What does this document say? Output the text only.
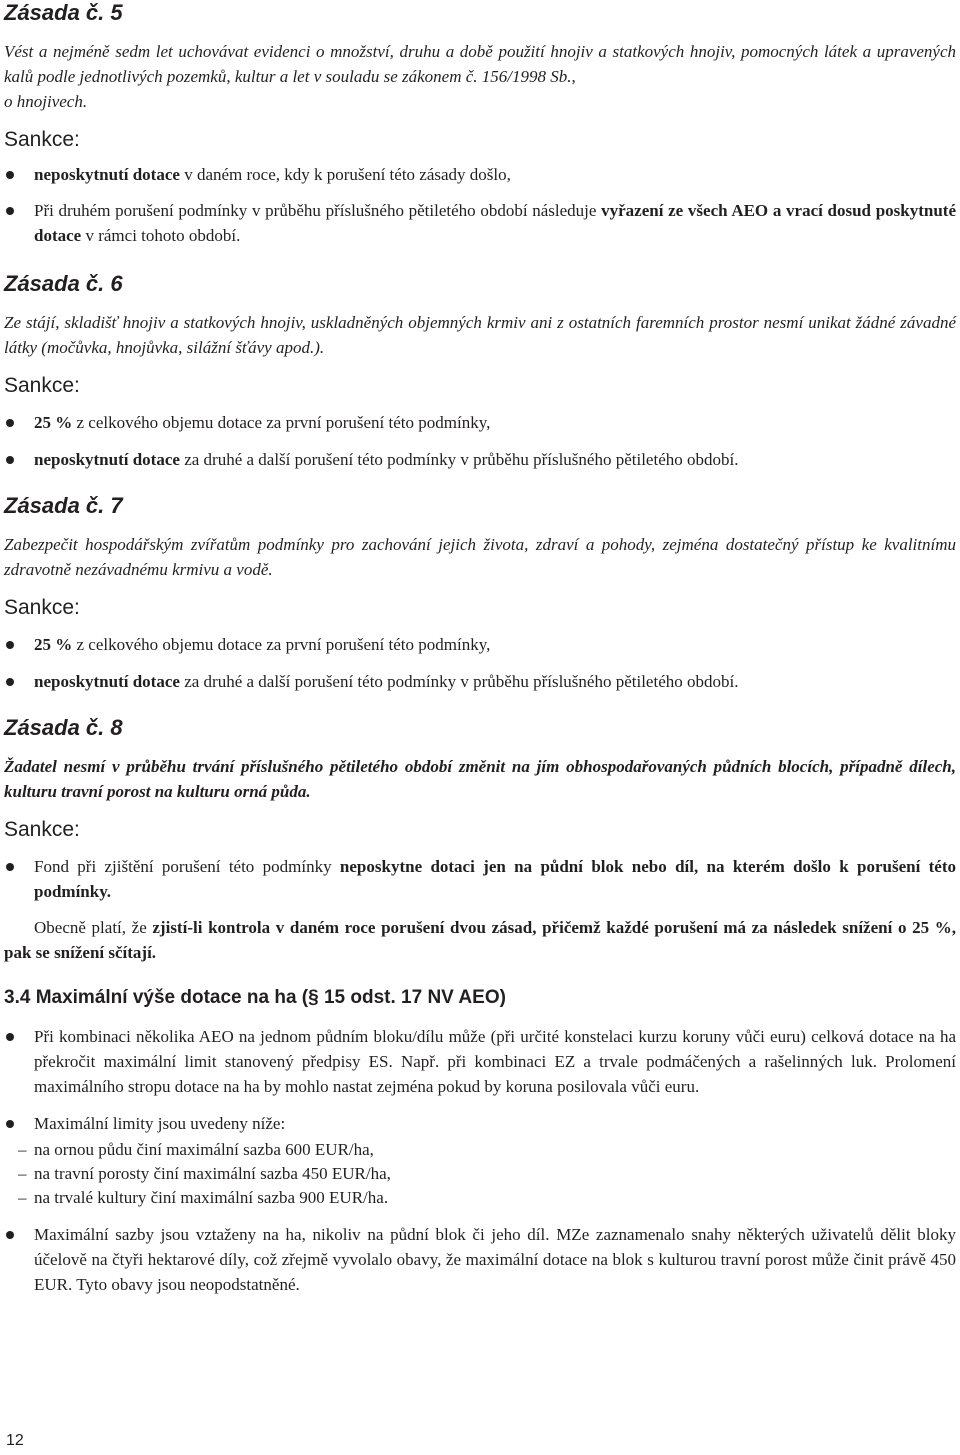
Zásada č. 5

Vést a nejméně sedm let uchovávat evidenci o množství, druhu a době použití hnojiv a statkových hnojiv, pomocných látek a upravených kalů podle jednotlivých pozemků, kultur a let v souladu se zákonem č. 156/1998 Sb.,
o hnojivech.

Sankce:

neposkytnutí dotace v daném roce, kdy k porušení této zásady došlo,
Při druhém porušení podmínky v průběhu příslušného pětiletého období následuje vyřazení ze všech AEO a vrací dosud poskytnuté dotace v rámci tohoto období.
Zásada č. 6

Ze stájí, skladišť hnojiv a statkových hnojiv, uskladněných objemných krmiv ani z ostatních faremních prostor nesmí unikat žádné závadné látky (močůvka, hnojůvka, silážní šťávy apod.).

Sankce:

25 % z celkového objemu dotace za první porušení této podmínky,
neposkytnutí dotace za druhé a další porušení této podmínky v průběhu příslušného pětiletého období.
Zásada č. 7

Zabezpečit hospodářským zvířatům podmínky pro zachování jejich života, zdraví a pohody, zejména dostatečný přístup ke kvalitnímu zdravotně nezávadnému krmivu a vodě.

Sankce:

25 % z celkového objemu dotace za první porušení této podmínky,
neposkytnutí dotace za druhé a další porušení této podmínky v průběhu příslušného pětiletého období.
Zásada č. 8

Žadatel nesmí v průběhu trvání příslušného pětiletého období změnit na jím obhospodařovaných půdních blocích, případně dílech, kulturu travní porost na kulturu orná půda.

Sankce:

Fond při zjištění porušení této podmínky neposkytne dotaci jen na půdní blok nebo díl, na kterém došlo k porušení této podmínky.

Obecně platí, že zjistí-li kontrola v daném roce porušení dvou zásad, přičemž každé porušení má za následek snížení o 25 %, pak se snížení sčítají.

3.4 Maximální výše dotace na ha (§ 15 odst. 17 NV AEO)
Při kombinaci několika AEO na jednom půdním bloku/dílu může (při určité konstelaci kurzu koruny vůči euru) celková dotace na ha překročit maximální limit stanovený předpisy ES. Např. při kombinaci EZ a trvale podmáčených a rašelinných luk. Prolomení maximálního stropu dotace na ha by mohlo nastat zejména pokud by koruna posilovala vůči euru.
Maximální limity jsou uvedeny níže:
– na ornou půdu činí maximální sazba 600 EUR/ha,
– na travní porosty činí maximální sazba 450 EUR/ha,
– na trvalé kultury činí maximální sazba 900 EUR/ha.
Maximální sazby jsou vztaženy na ha, nikoliv na půdní blok či jeho díl. MZe zaznamenalo snahy některých uživatelů dělit bloky účelově na čtyři hektarové díly, což zřejmě vyvolalo obavy, že maximální dotace na blok s kulturou travní porost může činit právě 450 EUR. Tyto obavy jsou neopodstatněné.
12
